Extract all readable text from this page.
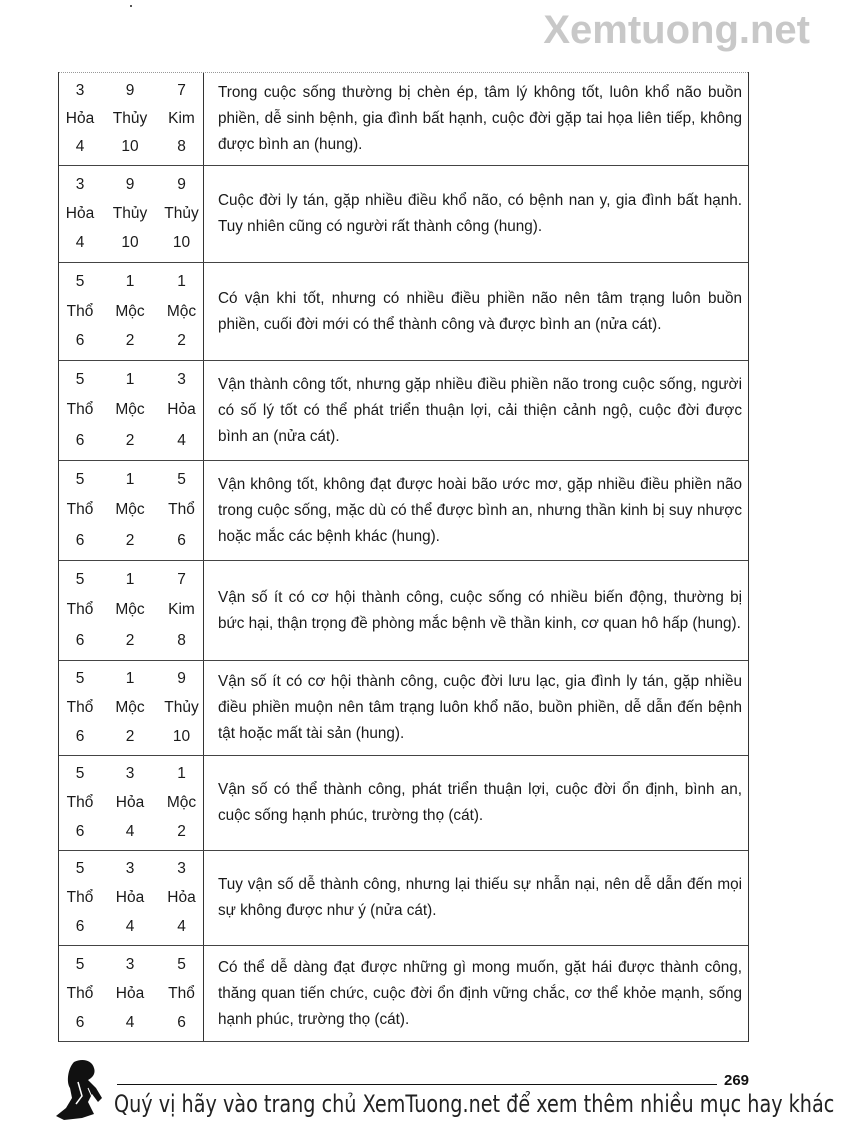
Xemtuong.net
3	9	7
Hỏa	Thủy	Kim
4	10	8

Trong cuộc sống thường bị chèn ép, tâm lý không tốt, luôn khổ não buồn phiền, dễ sinh bệnh, gia đình bất hạnh, cuộc đời gặp tai họa liên tiếp, không được bình an (hung).

3	9	9
Hỏa	Thủy	Thủy
4	10	10

Cuộc đời ly tán, gặp nhiều điều khổ não, có bệnh nan y, gia đình bất hạnh. Tuy nhiên cũng có người rất thành công (hung).

5	1	1
Thổ	Mộc	Mộc
6	2	2

Có vận khi tốt, nhưng có nhiều điều phiền não nên tâm trạng luôn buồn phiền, cuối đời mới có thể thành công và được bình an (nửa cát).

5	1	3
Thổ	Mộc	Hỏa
6	2	4

Vận thành công tốt, nhưng gặp nhiều điều phiền não trong cuộc sống, người có số lý tốt có thể phát triển thuận lợi, cải thiện cảnh ngộ, cuộc đời được bình an (nửa cát).

5	1	5
Thổ	Mộc	Thổ
6	2	6

Vận không tốt, không đạt được hoài bão ước mơ, gặp nhiều điều phiền não trong cuộc sống, mặc dù có thể được bình an, nhưng thần kinh bị suy nhược hoặc mắc các bệnh khác (hung).

5	1	7
Thổ	Mộc	Kim
6	2	8

Vận số ít có cơ hội thành công, cuộc sống có nhiều biến động, thường bị bức hại, thận trọng đề phòng mắc bệnh về thần kinh, cơ quan hô hấp (hung).

5	1	9
Thổ	Mộc	Thủy
6	2	10

Vận số ít có cơ hội thành công, cuộc đời lưu lạc, gia đình ly tán, gặp nhiều điều phiền muộn nên tâm trạng luôn khổ não, buồn phiền, dễ dẫn đến bệnh tật hoặc mất tài sản (hung).

5	3	1
Thổ	Hỏa	Mộc
6	4	2

Vận số có thể thành công, phát triển thuận lợi, cuộc đời ổn định, bình an, cuộc sống hạnh phúc, trường thọ (cát).

5	3	3
Thổ	Hỏa	Hỏa
6	4	4

Tuy vận số dễ thành công, nhưng lại thiếu sự nhẫn nại, nên dễ dẫn đến mọi sự không được như ý (nửa cát).

5	3	5
Thổ	Hỏa	Thổ
6	4	6

Có thể dễ dàng đạt được những gì mong muốn, gặt hái được thành công, thăng quan tiến chức, cuộc đời ổn định vững chắc, cơ thể khỏe mạnh, sống hạnh phúc, trường thọ (cát).

Quý vị hãy vào trang chủ XemTuong.net để xem thêm nhiều mục hay khác
269
